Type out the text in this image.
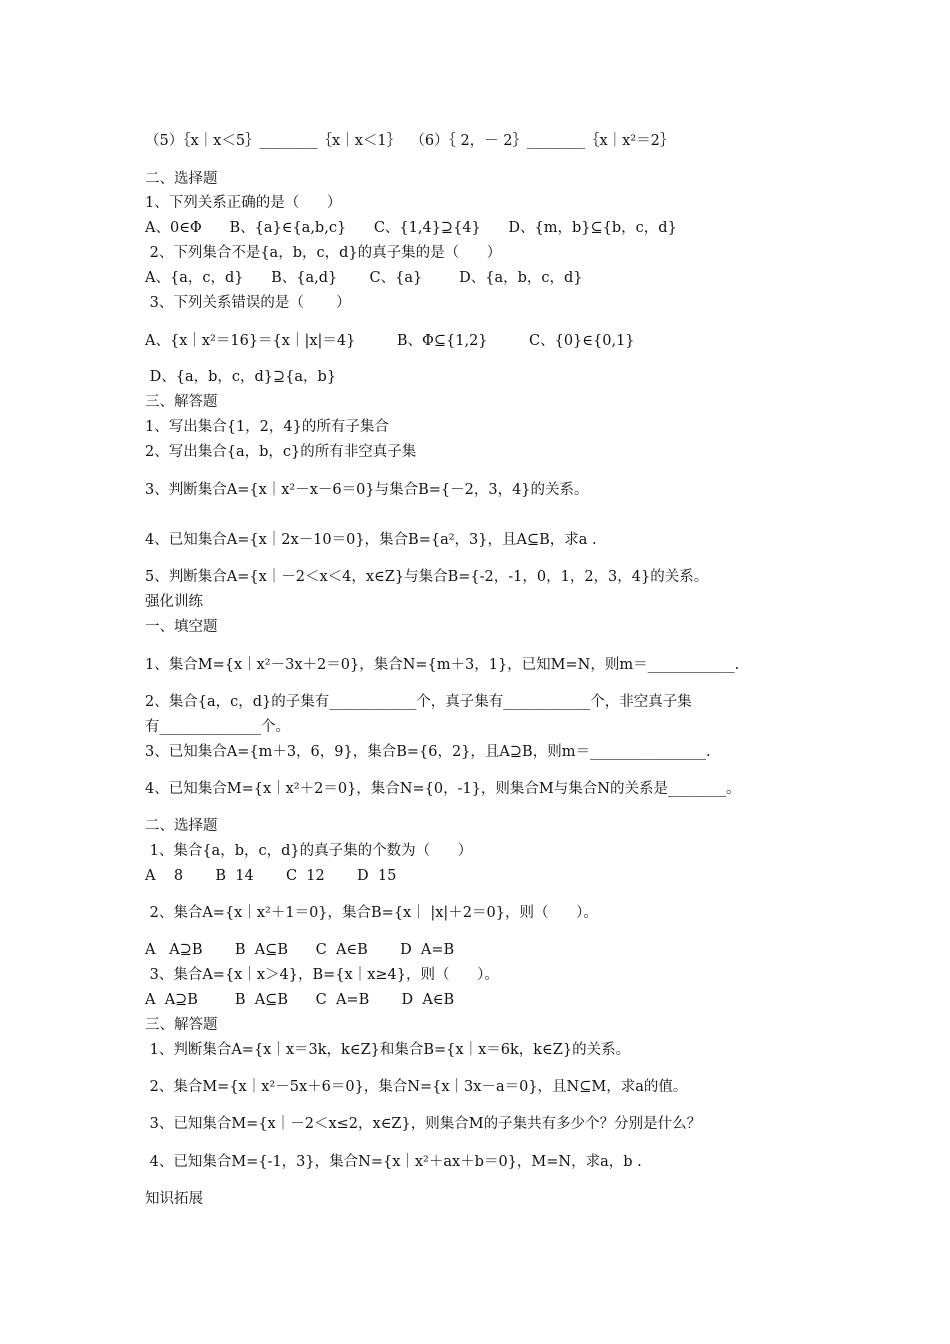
（5）｛x｜x＜5｝________｛x｜x＜1｝  （6）｛ 2，－ 2｝________｛x｜x²＝2｝
二、选择题
1、下列关系正确的是（      ）
A、0∈Φ      B、{a}∈{a,b,c}      C、{1,4}⊇{4}      D、{m，b}⊆{b，c，d}
2、下列集合不是{a，b，c，d}的真子集的是（      ）
A、{a，c，d}      B、{a,d}       C、{a}        D、{a，b，c，d}
3、下列关系错误的是（       ）
A、{x｜x²＝16}＝{x｜|x|＝4}         B、Φ⊆{1,2}         C、{0}∈{0,1}
D、{a，b，c，d}⊇{a，b}
三、解答题
1、写出集合{1，2，4}的所有子集合
2、写出集合{a，b，c}的所有非空真子集
3、判断集合A={x｜x²－x－6＝0}与集合B={－2，3，4}的关系。
4、已知集合A={x｜2x－10＝0}，集合B={a²，3}，且A⊆B，求a .
5、判断集合A={x｜－2＜x＜4，x∈Z}与集合B={-2，-1，0，1，2，3，4}的关系。
强化训练
一、填空题
1、集合M={x｜x²－3x＋2＝0}，集合N={m＋3，1}，已知M=N，则m＝____________.
2、集合{a，c，d}的子集有____________个，真子集有____________个，非空真子集
有______________个。
3、已知集合A={m＋3，6，9}，集合B={6，2}，且A⊇B，则m＝________________.
4、已知集合M={x｜x²＋2＝0}，集合N={0，-1}，则集合M与集合N的关系是________。
二、选择题
1、集合{a，b，c，d}的真子集的个数为（      ）
A    8       B  14       C  12       D  15
2、集合A={x｜x²＋1＝0}，集合B={x｜ |x|＋2＝0}，则（      ）。
A   A⊇B       B  A⊆B      C  A∈B       D  A=B
3、集合A={x｜x＞4}，B={x｜x≥4}，则（      ）。
A  A⊇B        B  A⊆B      C  A=B       D  A∈B
三、解答题
1、判断集合A={x｜x＝3k，k∈Z}和集合B={x｜x＝6k，k∈Z}的关系。
2、集合M={x｜x²－5x＋6＝0}，集合N={x｜3x－a＝0}，且N⊆M，求a的值。
3、已知集合M={x｜－2＜x≤2，x∈Z}，则集合M的子集共有多少个？分别是什么？
4、已知集合M={-1，3}，集合N={x｜x²＋ax＋b＝0}，M=N，求a，b .
知识拓展
